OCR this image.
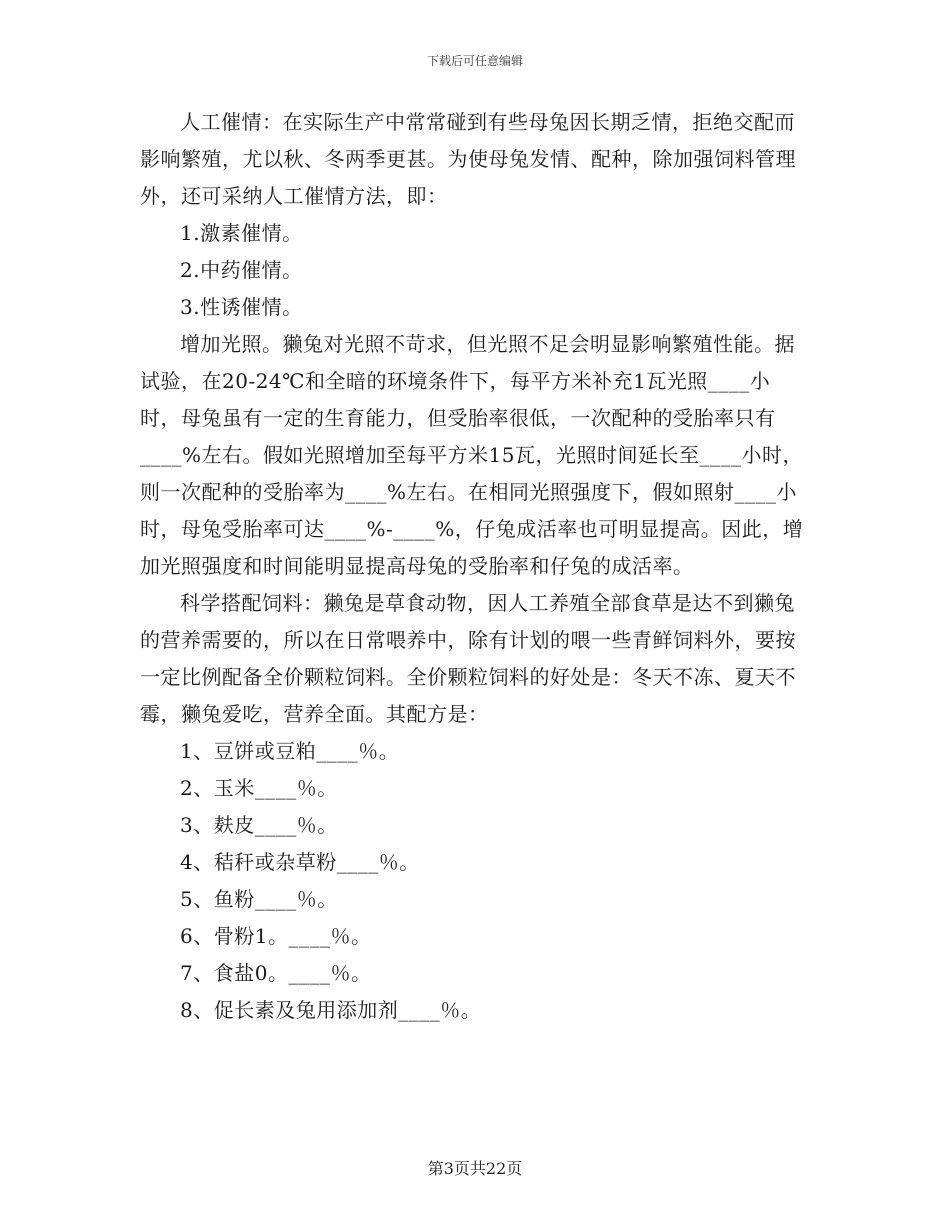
下载后可任意编辑

人工催情：在实际生产中常常碰到有些母兔因长期乏情，拒绝交配而影响繁殖，尤以秋、冬两季更甚。为使母兔发情、配种，除加强饲料管理外，还可采纳人工催情方法，即：

1.激素催情。

2.中药催情。

3.性诱催情。

增加光照。獭兔对光照不苛求，但光照不足会明显影响繁殖性能。据试验，在20-24℃和全暗的环境条件下，每平方米补充1瓦光照____小时，母兔虽有一定的生育能力，但受胎率很低，一次配种的受胎率只有____%左右。假如光照增加至每平方米15瓦，光照时间延长至____小时，则一次配种的受胎率为____%左右。在相同光照强度下，假如照射____小时，母兔受胎率可达____%-____%，仔兔成活率也可明显提高。因此，增加光照强度和时间能明显提高母兔的受胎率和仔兔的成活率。

科学搭配饲料：獭兔是草食动物，因人工养殖全部食草是达不到獭兔的营养需要的，所以在日常喂养中，除有计划的喂一些青鲜饲料外，要按一定比例配备全价颗粒饲料。全价颗粒饲料的好处是：冬天不冻、夏天不霉，獭兔爱吃，营养全面。其配方是：

1、豆饼或豆粕____％。

2、玉米____％。

3、麸皮____％。

4、秸秆或杂草粉____％。

5、鱼粉____％。

6、骨粉1。____％。

7、食盐0。____％。

8、促长素及兔用添加剂____％。

第3页共22页
